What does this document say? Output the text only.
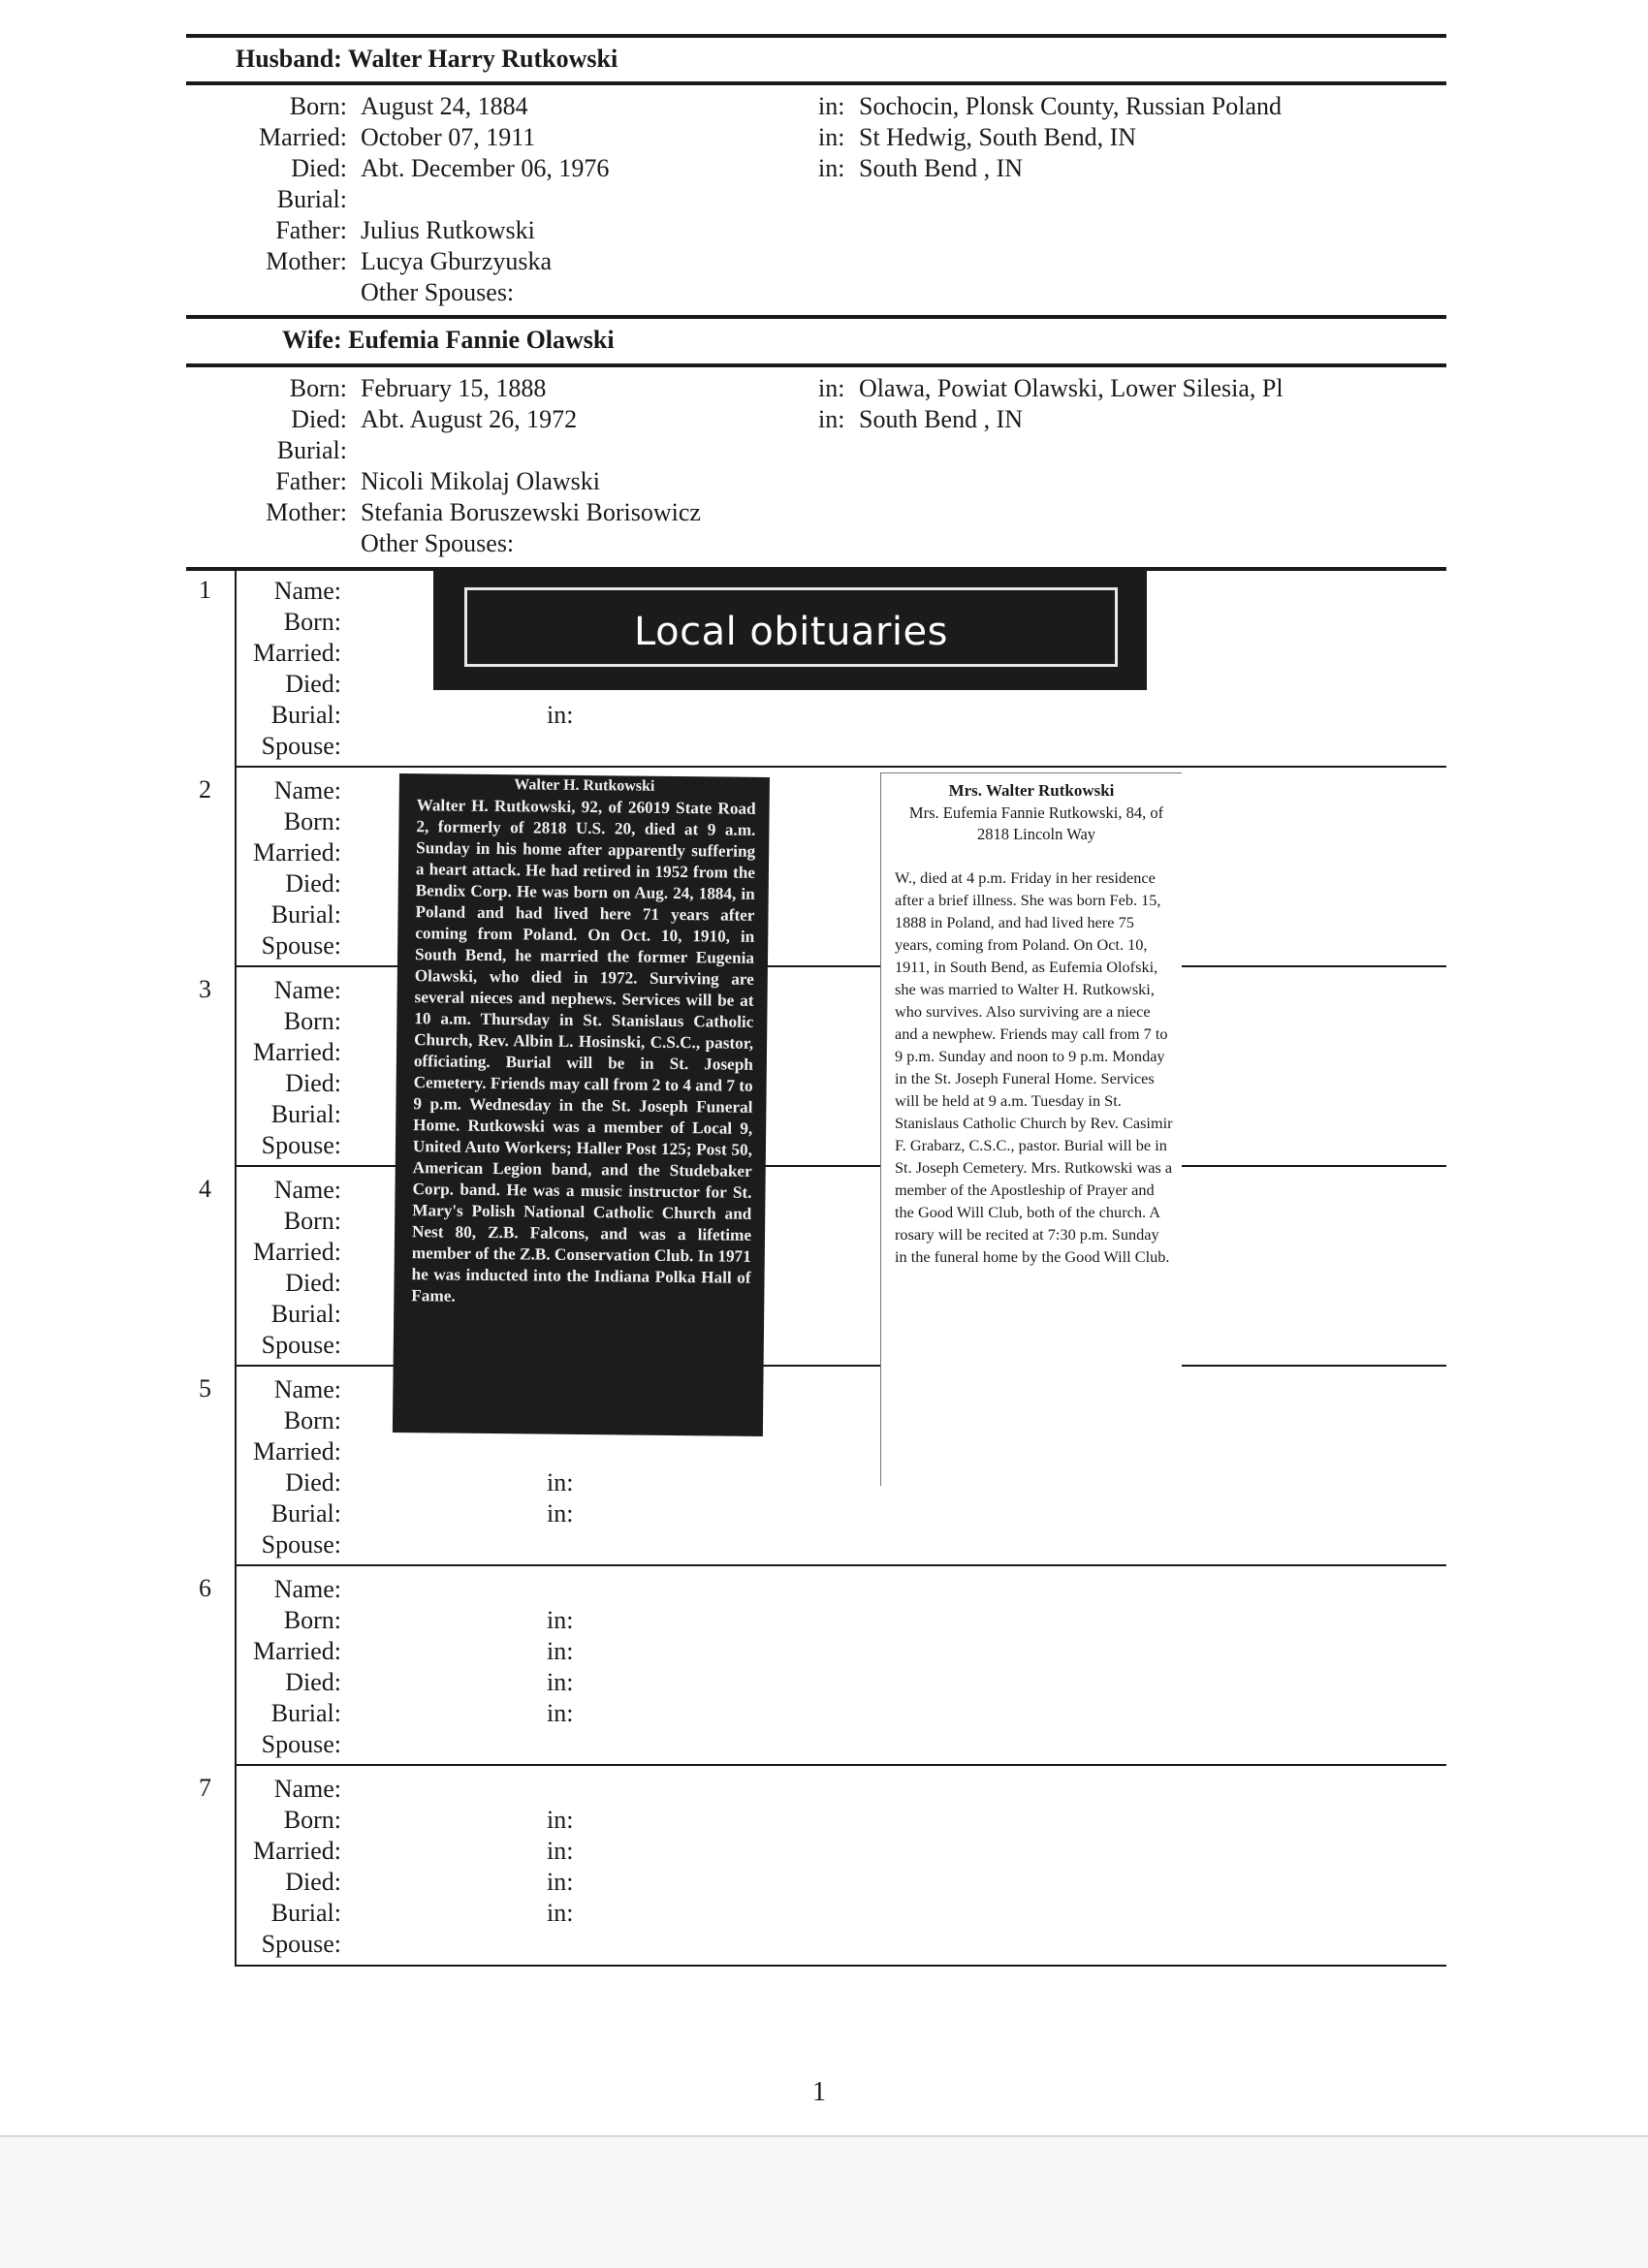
Husband: Walter Harry Rutkowski
Born: August 24, 1884	in: Sochocin, Plonsk County, Russian Poland
Married: October 07, 1911	in: St Hedwig, South Bend, IN
Died: Abt. December 06, 1976	in: South Bend , IN
Burial:
Father: Julius Rutkowski
Mother: Lucya Gburzyuska
Other Spouses:
Wife: Eufemia Fannie Olawski
Born: February 15, 1888	in: Olawa, Powiat Olawski, Lower Silesia, Pl
Died: Abt. August 26, 1972	in: South Bend , IN
Burial:
Father: Nicoli Mikolaj Olawski
Mother: Stefania Boruszewski Borisowicz
Other Spouses:
1	Name:
Born:
Married:
Died:
Burial:	in:
Spouse:
2	Name:
Born:
Married:
Died:
Burial:
Spouse:
3	Name:
Born:
Married:
Died:
Burial:
Spouse:
4	Name:
Born:
Married:
Died:
Burial:
Spouse:
5	Name:
Born:
Married:
Died:	in:
Burial:	in:
Spouse:
6	Name:
Born:	in:
Married:	in:
Died:	in:
Burial:	in:
Spouse:
7	Name:
Born:	in:
Married:	in:
Died:	in:
Burial:	in:
Spouse:
Local obituaries
Walter H. Rutkowski
Walter H. Rutkowski, 92, of 26019 State Road 2, formerly of 2818 U.S. 20, died at 9 a.m. Sunday in his home after apparently suffering a heart attack. He had retired in 1952 from the Bendix Corp. He was born on Aug. 24, 1884, in Poland and had lived here 71 years after coming from Poland. On Oct. 10, 1910, in South Bend, he married the former Eugenia Olawski, who died in 1972. Surviving are several nieces and nephews. Services will be at 10 a.m. Thursday in St. Stanislaus Catholic Church, Rev. Albin L. Hosinski, C.S.C., pastor, officiating. Burial will be in St. Joseph Cemetery. Friends may call from 2 to 4 and 7 to 9 p.m. Wednesday in the St. Joseph Funeral Home. Rutkowski was a member of Local 9, United Auto Workers; Haller Post 125; Post 50, American Legion band, and the Studebaker Corp. band. He was a music instructor for St. Mary's Polish National Catholic Church and Nest 80, Z.B. Falcons, and was a lifetime member of the Z.B. Conservation Club. In 1971 he was inducted into the Indiana Polka Hall of Fame.
Mrs. Walter Rutkowski
Mrs. Eufemia Fannie Rutkowski, 84, of 2818 Lincoln Way
W., died at 4 p.m. Friday in her residence after a brief illness. She was born Feb. 15, 1888 in Poland, and had lived here 75 years, coming from Poland. On Oct. 10, 1911, in South Bend, as Eufemia Olofski, she was married to Walter H. Rutkowski, who survives. Also surviving are a niece and a newphew. Friends may call from 7 to 9 p.m. Sunday and noon to 9 p.m. Monday in the St. Joseph Funeral Home. Services will be held at 9 a.m. Tuesday in St. Stanislaus Catholic Church by Rev. Casimir F. Grabarz, C.S.C., pastor. Burial will be in St. Joseph Cemetery. Mrs. Rutkowski was a member of the Apostleship of Prayer and the Good Will Club, both of the church. A rosary will be recited at 7:30 p.m. Sunday in the funeral home by the Good Will Club.
1
